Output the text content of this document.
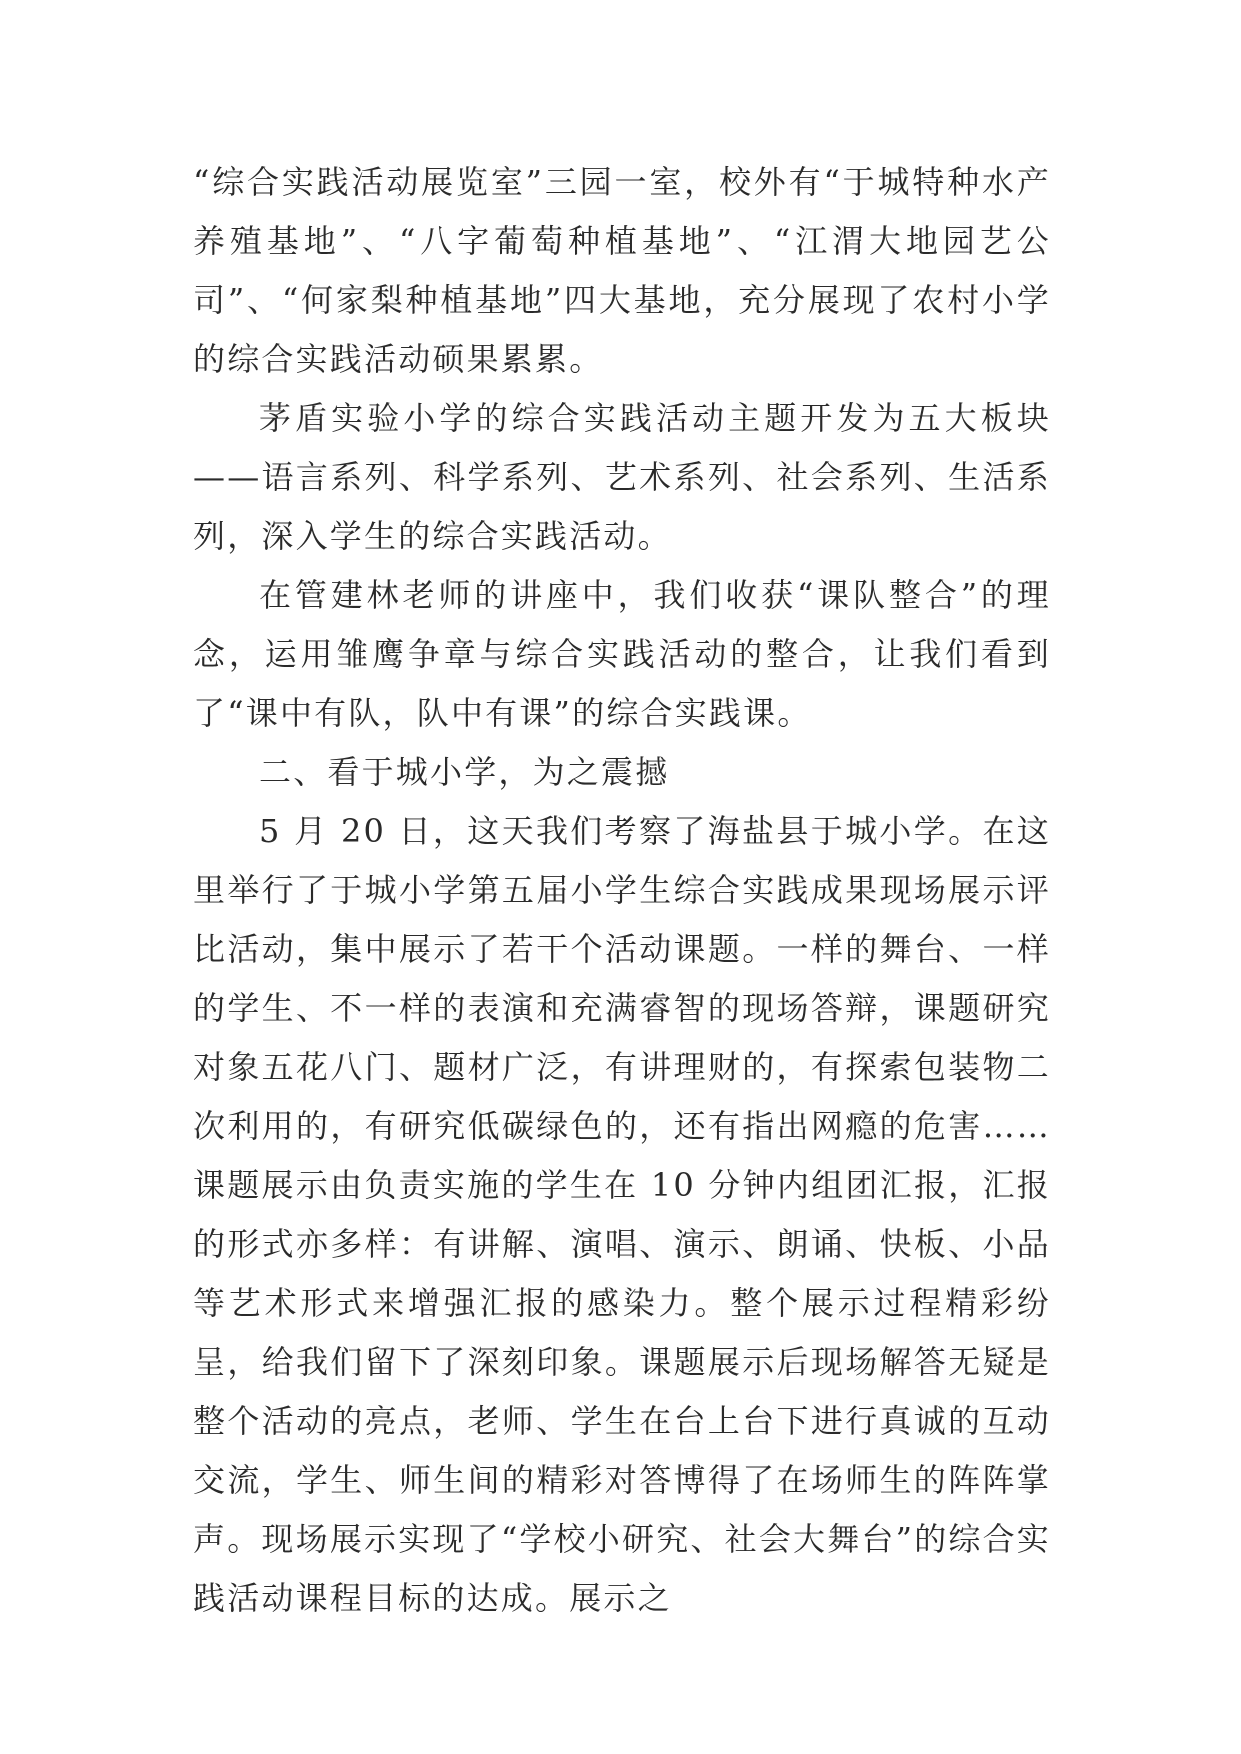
“综合实践活动展览室”三园一室，校外有“于城特种水产养殖基地”、“八字葡萄种植基地”、“江渭大地园艺公司”、“何家梨种植基地”四大基地，充分展现了农村小学的综合实践活动硕果累累。

茅盾实验小学的综合实践活动主题开发为五大板块——语言系列、科学系列、艺术系列、社会系列、生活系列，深入学生的综合实践活动。

在管建林老师的讲座中，我们收获“课队整合”的理念，运用雏鹰争章与综合实践活动的整合，让我们看到了“课中有队，队中有课”的综合实践课。

二、看于城小学，为之震撼

5 月 20 日，这天我们考察了海盐县于城小学。在这里举行了于城小学第五届小学生综合实践成果现场展示评比活动，集中展示了若干个活动课题。一样的舞台、一样的学生、不一样的表演和充满睿智的现场答辩，课题研究对象五花八门、题材广泛，有讲理财的，有探索包装物二次利用的，有研究低碳绿色的，还有指出网瘾的危害……课题展示由负责实施的学生在 10 分钟内组团汇报，汇报的形式亦多样：有讲解、演唱、演示、朗诵、快板、小品等艺术形式来增强汇报的感染力。整个展示过程精彩纷呈，给我们留下了深刻印象。课题展示后现场解答无疑是整个活动的亮点，老师、学生在台上台下进行真诚的互动交流，学生、师生间的精彩对答博得了在场师生的阵阵掌声。现场展示实现了“学校小研究、社会大舞台”的综合实践活动课程目标的达成。展示之
